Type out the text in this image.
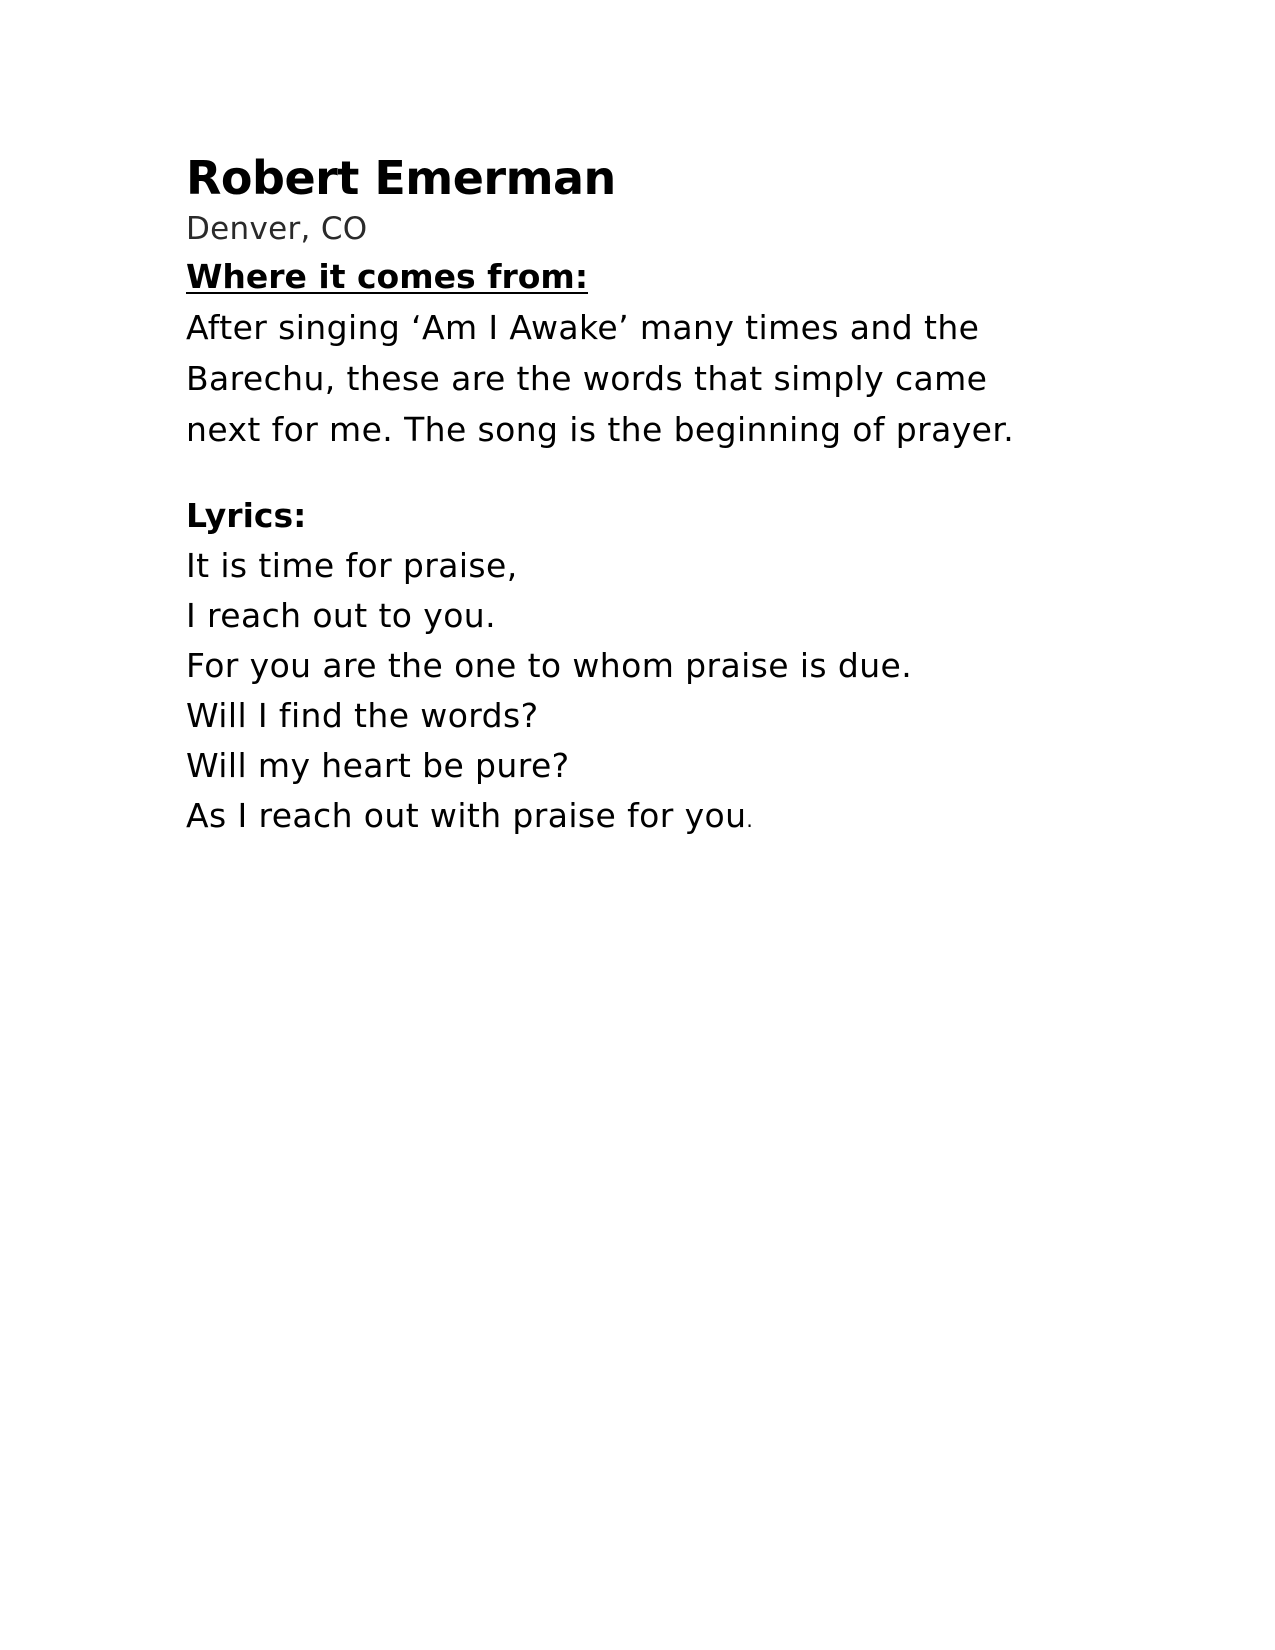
Robert Emerman
Denver, CO
Where it comes from:

After singing ‘Am I Awake’ many times and the Barechu, these are the words that simply came next for me. The song is the beginning of prayer.

Lyrics:
It is time for praise,
I reach out to you.
For you are the one to whom praise is due.
Will I find the words?
Will my heart be pure?
As I reach out with praise for you.
